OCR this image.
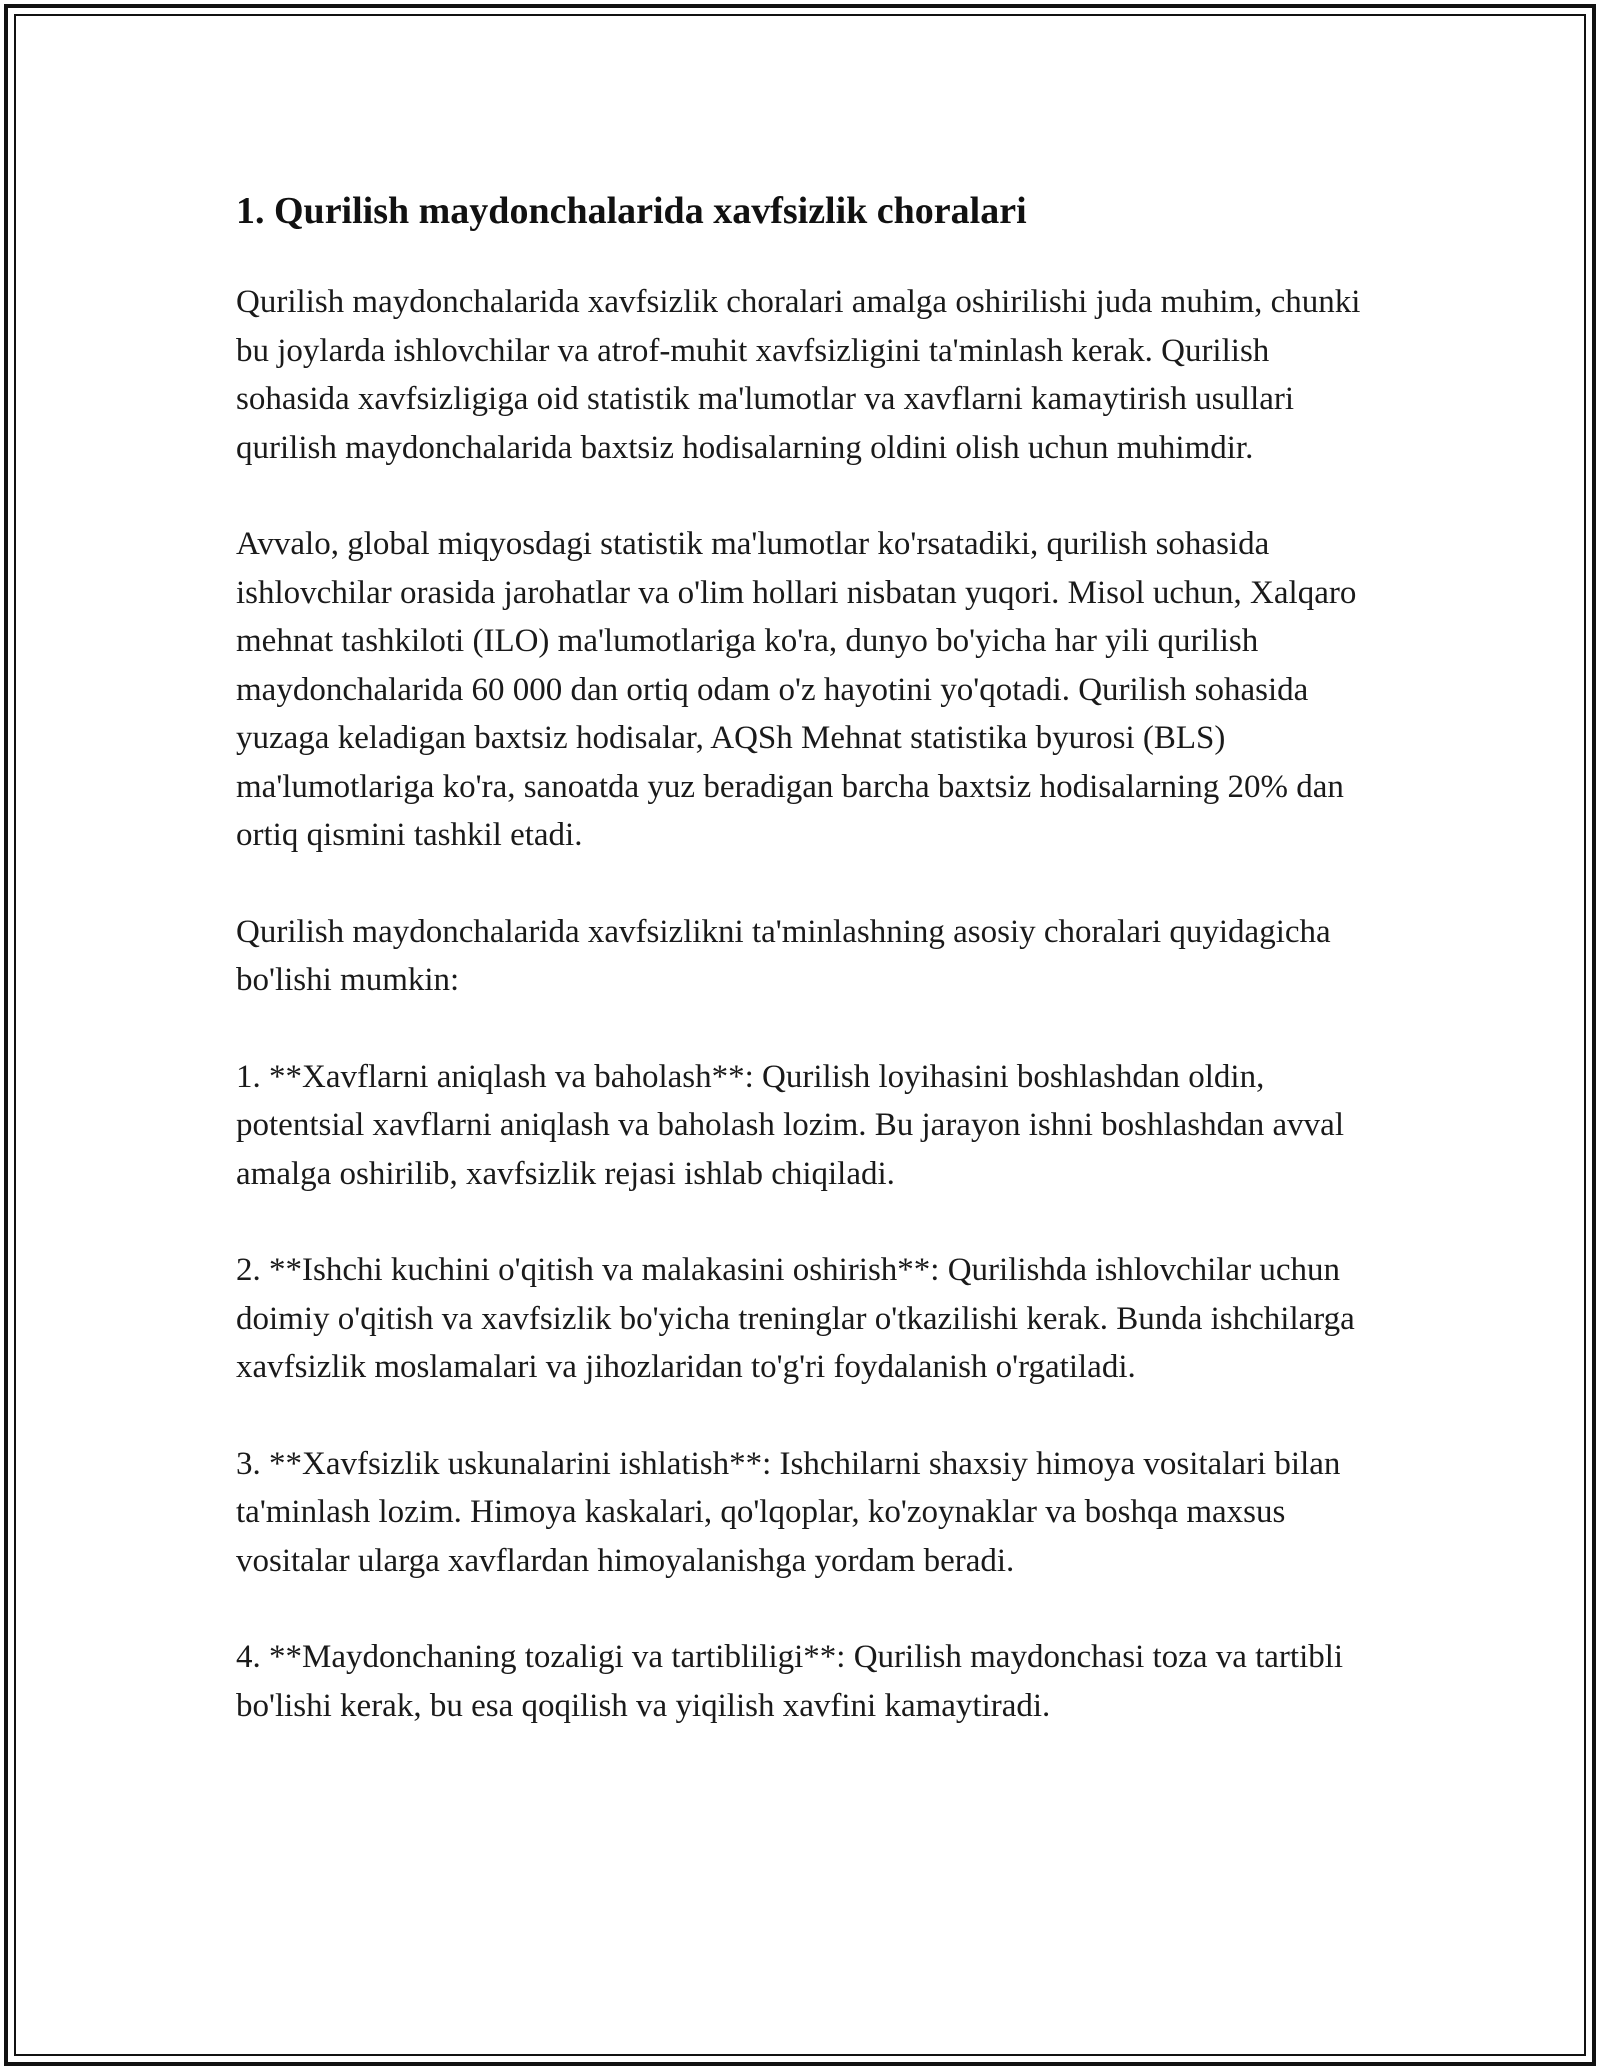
1. Qurilish maydonchalarida xavfsizlik choralari

Qurilish maydonchalarida xavfsizlik choralari amalga oshirilishi juda muhim, chunki bu joylarda ishlovchilar va atrof-muhit xavfsizligini ta'minlash kerak. Qurilish sohasida xavfsizligiga oid statistik ma'lumotlar va xavflarni kamaytirish usullari qurilish maydonchalarida baxtsiz hodisalarning oldini olish uchun muhimdir.

Avvalo, global miqyosdagi statistik ma'lumotlar ko'rsatadiki, qurilish sohasida ishlovchilar orasida jarohatlar va o'lim hollari nisbatan yuqori. Misol uchun, Xalqaro mehnat tashkiloti (ILO) ma'lumotlariga ko'ra, dunyo bo'yicha har yili qurilish maydonchalarida 60 000 dan ortiq odam o'z hayotini yo'qotadi. Qurilish sohasida yuzaga keladigan baxtsiz hodisalar, AQSh Mehnat statistika byurosi (BLS) ma'lumotlariga ko'ra, sanoatda yuz beradigan barcha baxtsiz hodisalarning 20% dan ortiq qismini tashkil etadi.

Qurilish maydonchalarida xavfsizlikni ta'minlashning asosiy choralari quyidagicha bo'lishi mumkin:

1. **Xavflarni aniqlash va baholash**: Qurilish loyihasini boshlashdan oldin, potentsial xavflarni aniqlash va baholash lozim. Bu jarayon ishni boshlashdan avval amalga oshirilib, xavfsizlik rejasi ishlab chiqiladi.

2. **Ishchi kuchini o'qitish va malakasini oshirish**: Qurilishda ishlovchilar uchun doimiy o'qitish va xavfsizlik bo'yicha treninglar o'tkazilishi kerak. Bunda ishchilarga xavfsizlik moslamalari va jihozlaridan to'g'ri foydalanish o'rgatiladi.

3. **Xavfsizlik uskunalarini ishlatish**: Ishchilarni shaxsiy himoya vositalari bilan ta'minlash lozim. Himoya kaskalari, qo'lqoplar, ko'zoynaklar va boshqa maxsus vositalar ularga xavflardan himoyalanishga yordam beradi.

4. **Maydonchaning tozaligi va tartibliligi**: Qurilish maydonchasi toza va tartibli bo'lishi kerak, bu esa qoqilish va yiqilish xavfini kamaytiradi.
